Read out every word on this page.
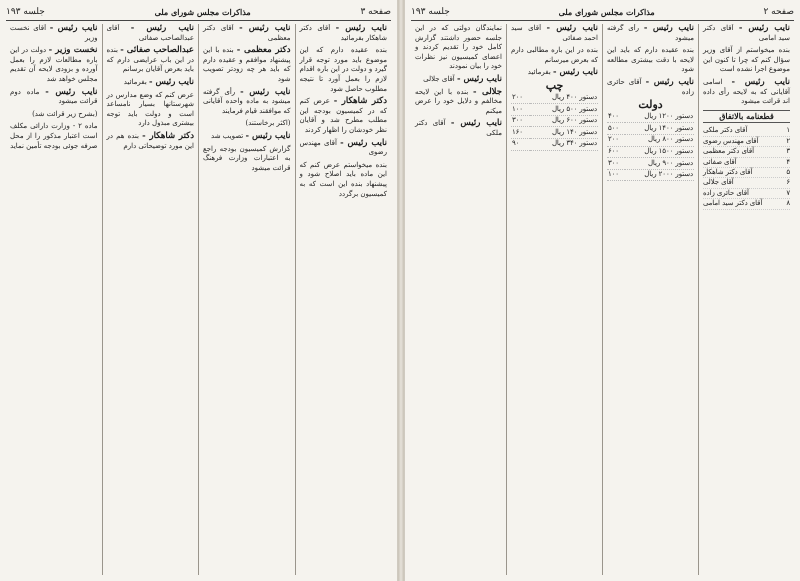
صفحه ۳
مذاکرات مجلس شورای ملی
جلسه ۱۹۳

نایب رئیس - آقای دکتر شاهکار بفرمائید

بنده عقیده دارم که این موضوع باید مورد توجه قرار گیرد و دولت در این باره اقدام لازم را بعمل آورد تا نتیجه مطلوب حاصل شود

دکتر شاهکار - عرض کنم که در کمیسیون بودجه این مطلب مطرح شد و آقایان نظر خودشان را اظهار کردند

نایب رئیس - آقای مهندس رضوی

بنده میخواستم عرض کنم که این ماده باید اصلاح شود و پیشنهاد بنده این است که به کمیسیون برگردد

نایب رئیس - آقای دکتر معظمی

دکتر معظمی - بنده با این پیشنهاد موافقم و عقیده دارم که باید هر چه زودتر تصویب شود

نایب رئیس - رأی گرفته میشود به ماده واحده آقایانی که موافقند قیام فرمایند

(اکثر برخاستند)

نایب رئیس - تصویب شد

گزارش کمیسیون بودجه راجع به اعتبارات وزارت فرهنگ قرائت میشود

نایب رئیس - آقای عبدالصاحب صفائی

عبدالصاحب صفائی - بنده در این باب عرایضی دارم که باید بعرض آقایان برسانم

نایب رئیس - بفرمائید

عرض کنم که وضع مدارس در شهرستانها بسیار نامساعد است و دولت باید توجه بیشتری مبذول دارد

دکتر شاهکار - بنده هم در این مورد توضیحاتی دارم

نایب رئیس - آقای نخست وزیر

نخست وزیر - دولت در این باره مطالعات لازم را بعمل آورده و بزودی لایحه آن تقدیم مجلس خواهد شد

نایب رئیس - ماده دوم قرائت میشود

(بشرح زیر قرائت شد)

ماده ۲ - وزارت دارائی مکلف است اعتبار مذکور را از محل صرفه جوئی بودجه تأمین نماید

صفحه ۲
مذاکرات مجلس شورای ملی
جلسه ۱۹۳

نایب رئیس - آقای دکتر سید امامی

بنده میخواستم از آقای وزیر سؤال کنم که چرا تا کنون این موضوع اجرا نشده است

نایب رئیس - اسامی آقایانی که به لایحه رأی داده اند قرائت میشود

قطعنامه بالاتفاق
۱
آقای دکتر ملکی
۲
آقای مهندس رضوی
۳
آقای دکتر معظمی
۴
آقای صفائی
۵
آقای دکتر شاهکار
۶
آقای جلالی
۷
آقای حائری زاده
۸
آقای دکتر سید امامی

نایب رئیس - رأی گرفته میشود

بنده عقیده دارم که باید این لایحه با دقت بیشتری مطالعه شود

نایب رئیس - آقای حائری زاده

دولت
دستور ۱۲۰۰ ریال	۴۰۰
دستور ۱۴۰۰ ریال	۵۰۰
دستور ۸۰۰ ریال	۲۰۰
دستور ۱۵۰۰ ریال	۶۰۰
دستور ۹۰۰ ریال	۳۰۰
دستور ۲۰۰۰ ریال	۱۰۰

نایب رئیس - آقای سید احمد صفائی

بنده در این باره مطالبی دارم که بعرض میرسانم

نایب رئیس - بفرمائید

چپ
دستور ۴۰۰ ریال	۲۰۰
دستور ۵۰۰ ریال	۱۰۰
دستور ۶۰۰ ریال	۳۰۰
دستور ۱۴۰ ریال	۱۶۰
دستور ۳۴۰ ریال	۹۰

نمایندگان دولتی که در این جلسه حضور داشتند گزارش کامل خود را تقدیم کردند و اعضای کمیسیون نیز نظرات خود را بیان نمودند

نایب رئیس - آقای جلالی

جلالی - بنده با این لایحه مخالفم و دلایل خود را عرض میکنم

نایب رئیس - آقای دکتر ملکی
